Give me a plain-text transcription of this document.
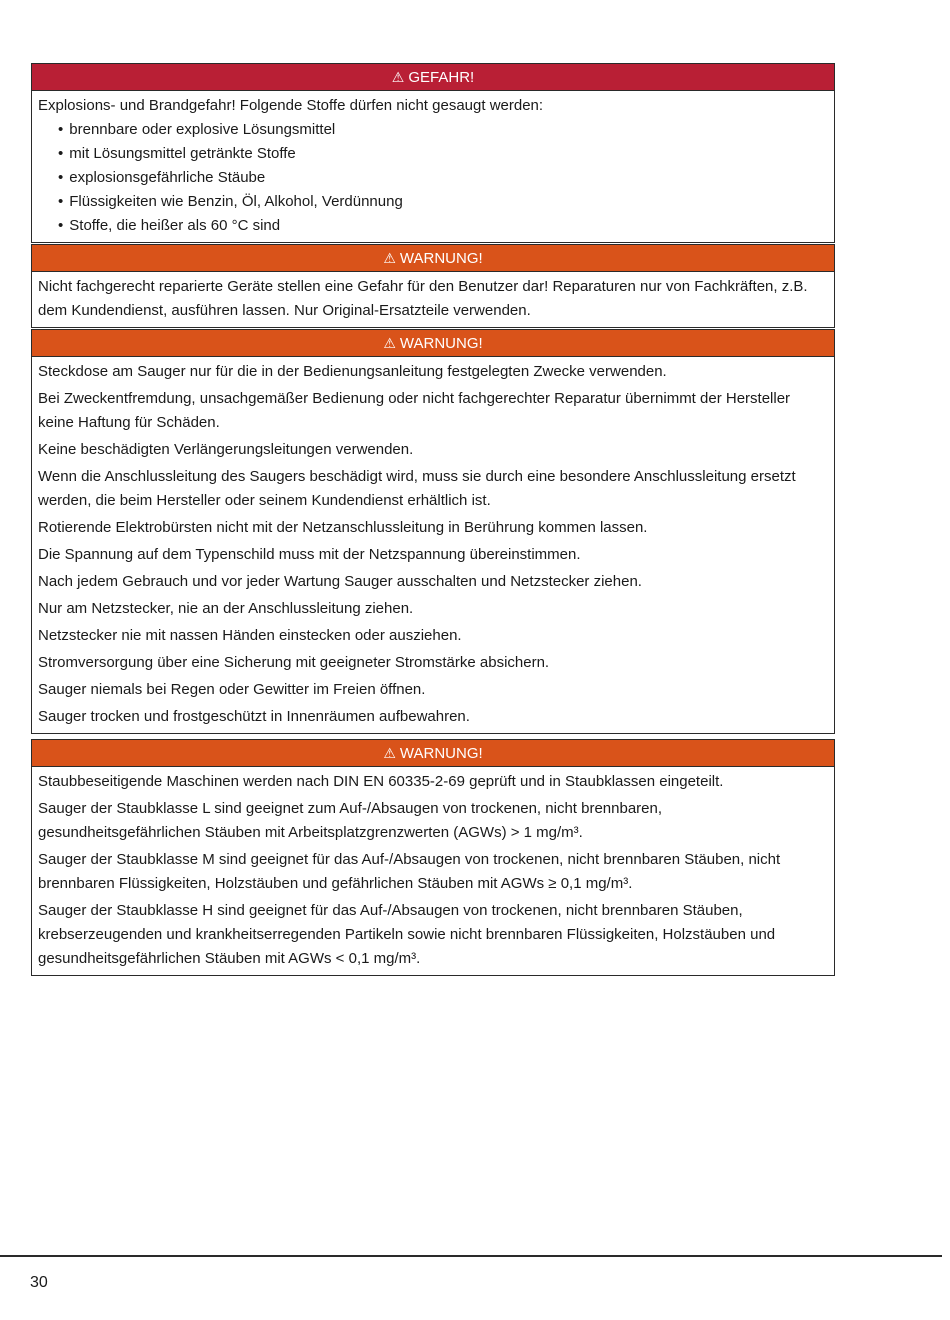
⚠ GEFAHR!

Explosions- und Brandgefahr! Folgende Stoffe dürfen nicht gesaugt werden:

• brennbare oder explosive Lösungsmittel
• mit Lösungsmittel getränkte Stoffe
• explosionsgefährliche Stäube
• Flüssigkeiten wie Benzin, Öl, Alkohol, Verdünnung
• Stoffe, die heißer als 60 °C sind
⚠ WARNUNG!

Nicht fachgerecht reparierte Geräte stellen eine Gefahr für den Benutzer dar! Reparaturen nur von Fachkräften, z.B. dem Kundendienst, ausführen lassen. Nur Original-Ersatzteile verwenden.

⚠ WARNUNG!

Steckdose am Sauger nur für die in der Bedienungsanleitung festgelegten Zwecke verwenden.

Bei Zweckentfremdung, unsachgemäßer Bedienung oder nicht fachgerechter Reparatur übernimmt der Hersteller keine Haftung für Schäden.

Keine beschädigten Verlängerungsleitungen verwenden.

Wenn die Anschlussleitung des Saugers beschädigt wird, muss sie durch eine besondere Anschlussleitung ersetzt werden, die beim Hersteller oder seinem Kundendienst erhältlich ist.

Rotierende Elektrobürsten nicht mit der Netzanschlussleitung in Berührung kommen lassen.

Die Spannung auf dem Typenschild muss mit der Netzspannung übereinstimmen.

Nach jedem Gebrauch und vor jeder Wartung Sauger ausschalten und Netzstecker ziehen.

Nur am Netzstecker, nie an der Anschlussleitung ziehen.

Netzstecker nie mit nassen Händen einstecken oder ausziehen.

Stromversorgung über eine Sicherung mit geeigneter Stromstärke absichern.

Sauger niemals bei Regen oder Gewitter im Freien öffnen.

Sauger trocken und frostgeschützt in Innenräumen aufbewahren.

⚠ WARNUNG!

Staubbeseitigende Maschinen werden nach DIN EN 60335-2-69 geprüft und in Staubklassen eingeteilt.

Sauger der Staubklasse L sind geeignet zum Auf-/Absaugen von trockenen, nicht brennbaren, gesundheitsgefährlichen Stäuben mit Arbeitsplatzgrenzwerten (AGWs) > 1 mg/m³.

Sauger der Staubklasse M sind geeignet für das Auf-/Absaugen von trockenen, nicht brennbaren Stäuben, nicht brennbaren Flüssigkeiten, Holzstäuben und gefährlichen Stäuben mit AGWs ≥ 0,1 mg/m³.

Sauger der Staubklasse H sind geeignet für das Auf-/Absaugen von trockenen, nicht brennbaren Stäuben, krebserzeugenden und krankheitserregenden Partikeln sowie nicht brennbaren Flüssigkeiten, Holzstäuben und gesundheitsgefährlichen Stäuben mit AGWs < 0,1 mg/m³.

30
